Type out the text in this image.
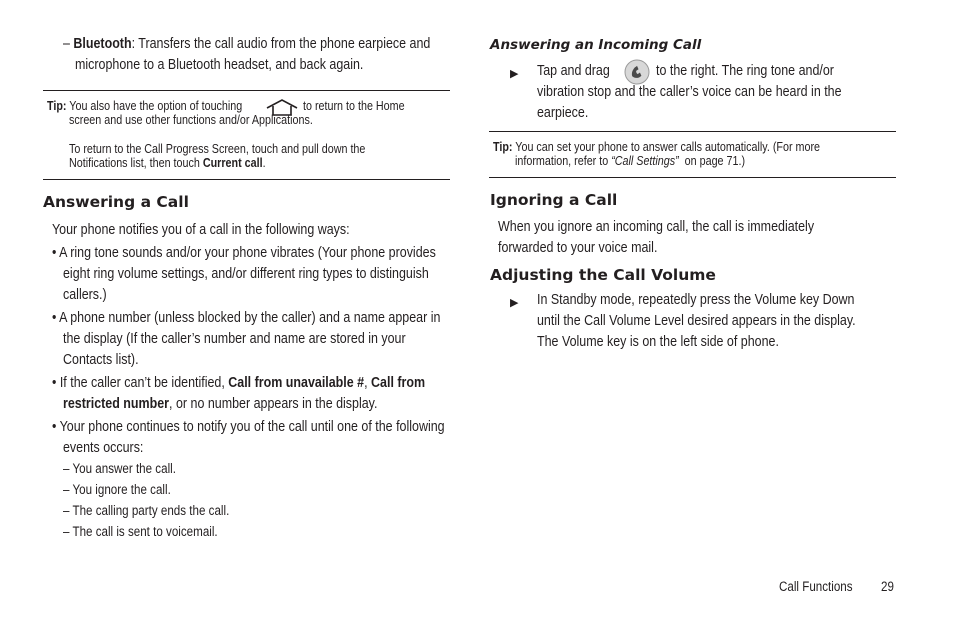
– Bluetooth: Transfers the call audio from the phone earpiece and
microphone to a Bluetooth headset, and back again.
Tip: You also have the option of touching	to return to the Home
screen and use other functions and/or Applications.
To return to the Call Progress Screen, touch and pull down the
Notifications list, then touch Current call.
Answering a Call
Your phone notifies you of a call in the following ways:
• A ring tone sounds and/or your phone vibrates (Your phone provides
eight ring volume settings, and/or different ring types to distinguish
callers.)
• A phone number (unless blocked by the caller) and a name appear in
the display (If the caller’s number and name are stored in your
Contacts list).
• If the caller can’t be identified, Call from unavailable #, Call from
restricted number, or no number appears in the display.
• Your phone continues to notify you of the call until one of the following
events occurs:
– You answer the call.
– You ignore the call.
– The calling party ends the call.
– The call is sent to voicemail.
Answering an Incoming Call
▶ Tap and drag	to the right. The ring tone and/or
vibration stop and the caller’s voice can be heard in the
earpiece.
Tip: You can set your phone to answer calls automatically. (For more
information, refer to “Call Settings”  on page 71.)
Ignoring a Call
When you ignore an incoming call, the call is immediately
forwarded to your voice mail.
Adjusting the Call Volume
▶ In Standby mode, repeatedly press the Volume key Down
until the Call Volume Level desired appears in the display.
The Volume key is on the left side of phone.
Call Functions	29
